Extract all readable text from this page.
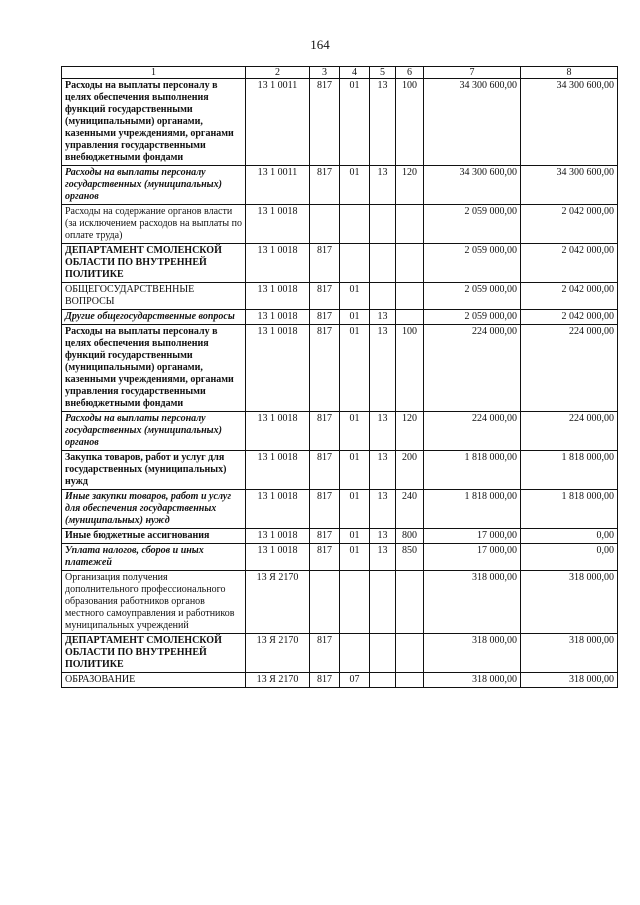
164
1	2	3	4	5	6	7	8
Расходы на выплаты персоналу в целях обеспечения выполнения функций государственными (муниципальными) органами, казенными учреждениями, органами управления государственными внебюджетными фондами	13 1 0011	817	01	13	100	34 300 600,00	34 300 600,00
Расходы на выплаты персоналу государственных (муниципальных) органов	13 1 0011	817	01	13	120	34 300 600,00	34 300 600,00
Расходы на содержание органов власти (за исключением расходов на выплаты по оплате труда)	13 1 0018					2 059 000,00	2 042 000,00
ДЕПАРТАМЕНТ СМОЛЕНСКОЙ ОБЛАСТИ ПО ВНУТРЕННЕЙ ПОЛИТИКЕ	13 1 0018	817				2 059 000,00	2 042 000,00
ОБЩЕГОСУДАРСТВЕННЫЕ ВОПРОСЫ	13 1 0018	817	01			2 059 000,00	2 042 000,00
Другие общегосударственные вопросы	13 1 0018	817	01	13		2 059 000,00	2 042 000,00
Расходы на выплаты персоналу в целях обеспечения выполнения функций государственными (муниципальными) органами, казенными учреждениями, органами управления государственными внебюджетными фондами	13 1 0018	817	01	13	100	224 000,00	224 000,00
Расходы на выплаты персоналу государственных (муниципальных) органов	13 1 0018	817	01	13	120	224 000,00	224 000,00
Закупка товаров, работ и услуг для государственных (муниципальных) нужд	13 1 0018	817	01	13	200	1 818 000,00	1 818 000,00
Иные закупки товаров, работ и услуг для обеспечения государственных (муниципальных) нужд	13 1 0018	817	01	13	240	1 818 000,00	1 818 000,00
Иные бюджетные ассигнования	13 1 0018	817	01	13	800	17 000,00	0,00
Уплата налогов, сборов и иных платежей	13 1 0018	817	01	13	850	17 000,00	0,00
Организация получения дополнительного профессионального образования работников органов местного самоуправления и работников муниципальных учреждений	13 Я 2170					318 000,00	318 000,00
ДЕПАРТАМЕНТ СМОЛЕНСКОЙ ОБЛАСТИ ПО ВНУТРЕННЕЙ ПОЛИТИКЕ	13 Я 2170	817				318 000,00	318 000,00
ОБРАЗОВАНИЕ	13 Я 2170	817	07			318 000,00	318 000,00
